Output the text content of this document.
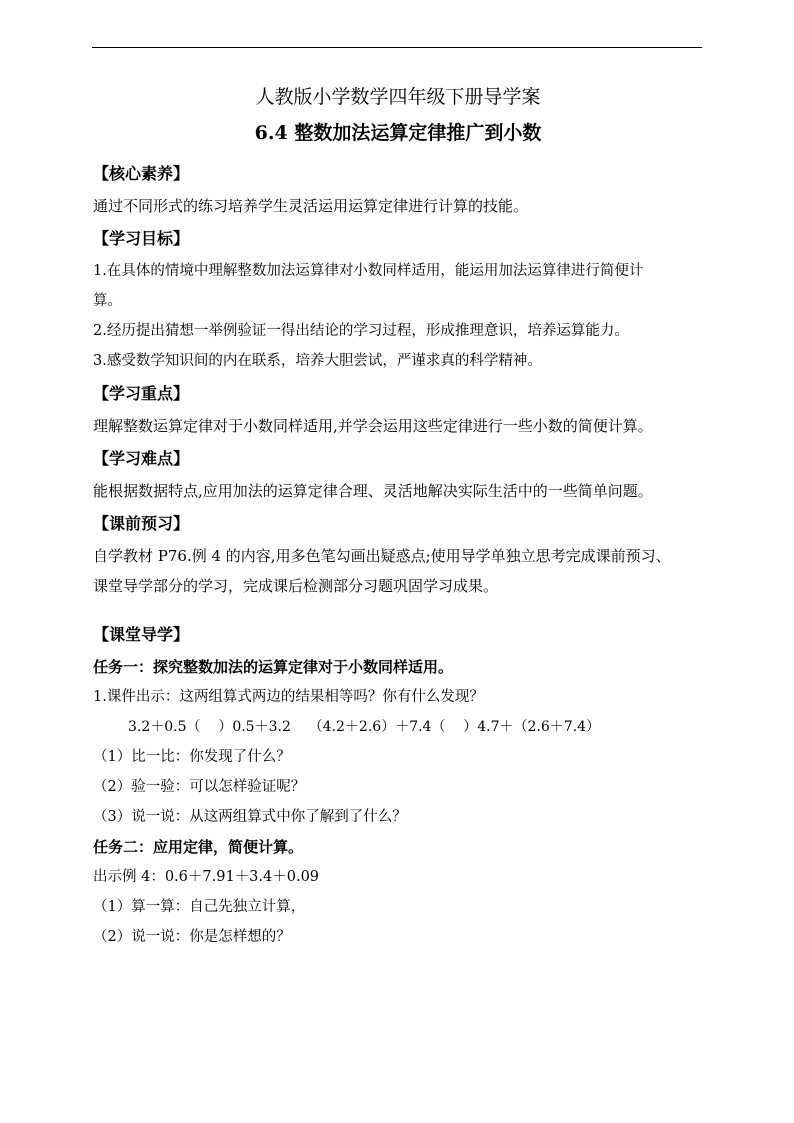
人教版小学数学四年级下册导学案

6.4 整数加法运算定律推广到小数

【核心素养】

通过不同形式的练习培养学生灵活运用运算定律进行计算的技能。

【学习目标】

1.在具体的情境中理解整数加法运算律对小数同样适用，能运用加法运算律进行简便计

算。

2.经历提出猜想一举例验证一得出结论的学习过程，形成推理意识，培养运算能力。

3.感受数学知识间的内在联系，培养大胆尝试，严谨求真的科学精神。

【学习重点】

理解整数运算定律对于小数同样适用,并学会运用这些定律进行一些小数的简便计算。

【学习难点】

能根据数据特点,应用加法的运算定律合理、灵活地解决实际生活中的一些简单问题。

【课前预习】

自学教材 P76.例 4 的内容,用多色笔勾画出疑惑点;使用导学单独立思考完成课前预习、

课堂导学部分的学习，完成课后检测部分习题巩固学习成果。

【课堂导学】

任务一：探究整数加法的运算定律对于小数同样适用。

1.课件出示：这两组算式两边的结果相等吗？你有什么发现？

3.2＋0.5（    ）0.5＋3.2    （4.2＋2.6）＋7.4（    ）4.7＋（2.6＋7.4）

（1）比一比：你发现了什么？

（2）验一验：可以怎样验证呢？

（3）说一说：从这两组算式中你了解到了什么？

任务二：应用定律，简便计算。

出示例 4：0.6＋7.91＋3.4＋0.09

（1）算一算：自己先独立计算，

（2）说一说：你是怎样想的？
